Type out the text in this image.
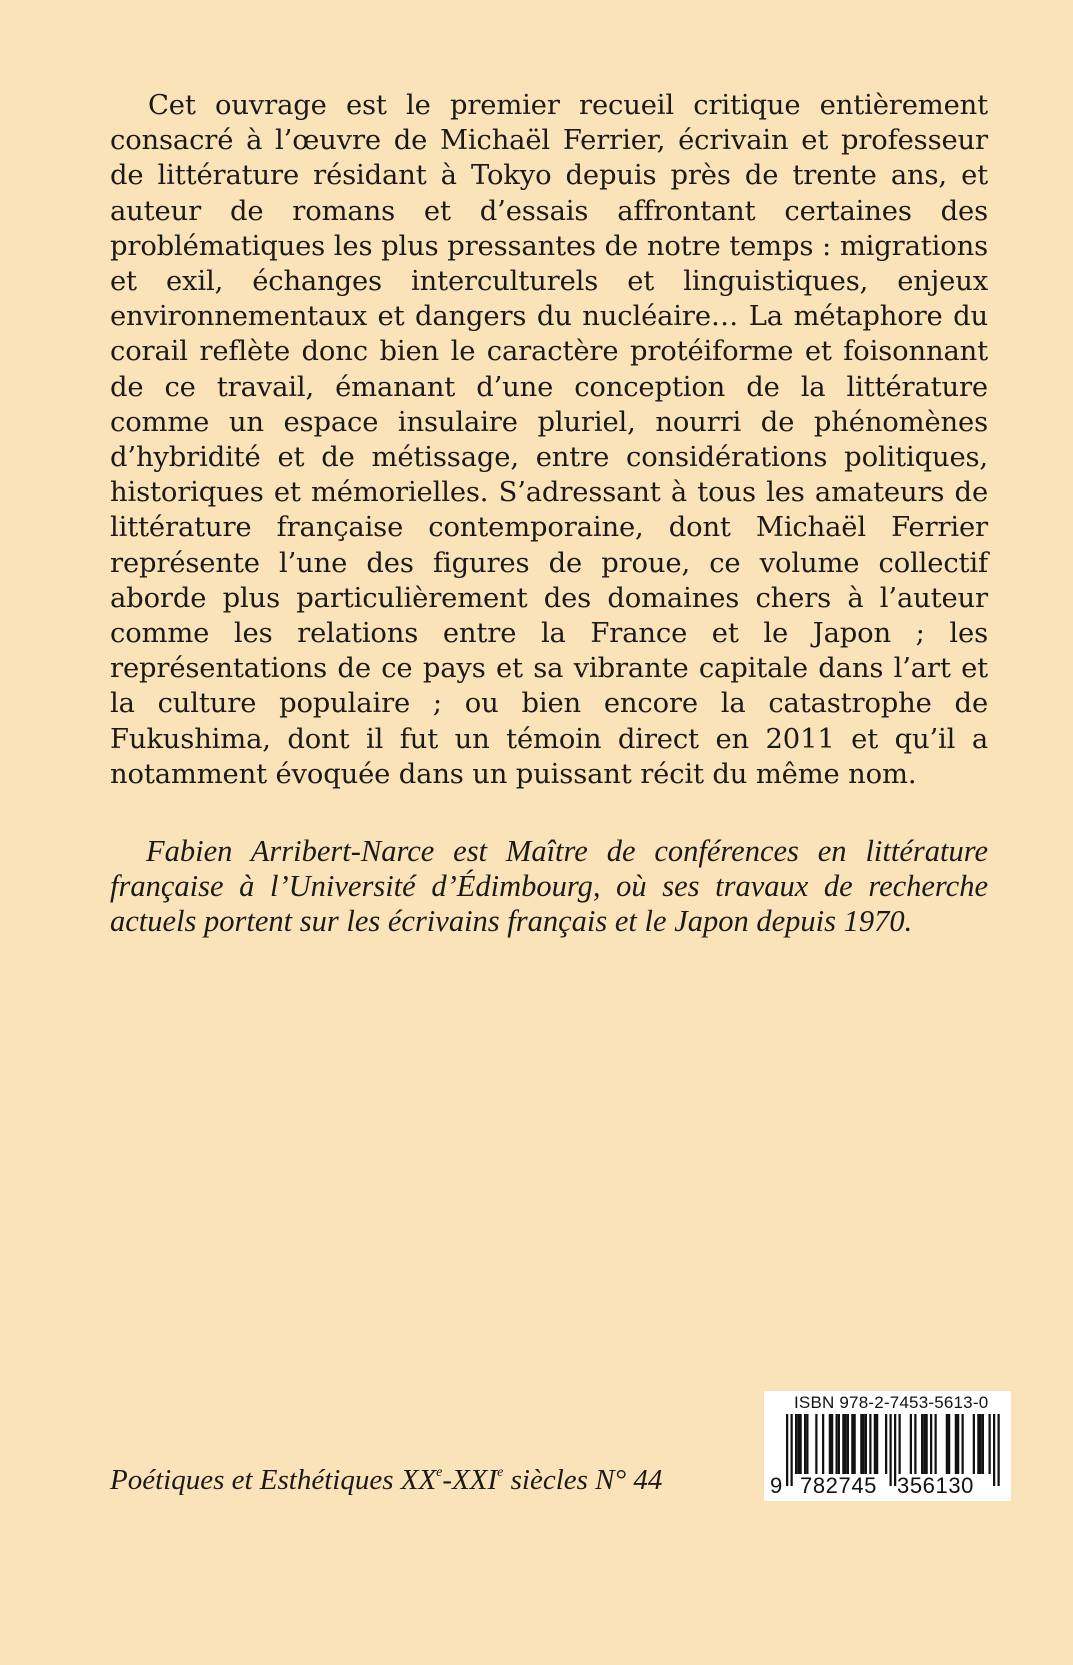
Cet ouvrage est le premier recueil critique entièrement consacré à l’œuvre de Michaël Ferrier, écrivain et professeur de littérature résidant à Tokyo depuis près de trente ans, et auteur de romans et d’essais affrontant certaines des problématiques les plus pressantes de notre temps : migrations et exil, échanges interculturels et linguistiques, enjeux environnementaux et dangers du nucléaire… La métaphore du corail reflète donc bien le caractère protéiforme et foisonnant de ce travail, émanant d’une conception de la littérature comme un espace insulaire pluriel, nourri de phénomènes d’hybridité et de métissage, entre considérations politiques, historiques et mémorielles. S’adressant à tous les amateurs de littérature française contemporaine, dont Michaël Ferrier représente l’une des figures de proue, ce volume collectif aborde plus particulièrement des domaines chers à l’auteur comme les relations entre la France et le Japon ; les représentations de ce pays et sa vibrante capitale dans l’art et la culture populaire ; ou bien encore la catastrophe de Fukushima, dont il fut un témoin direct en 2011 et qu’il a notamment évoquée dans un puissant récit du même nom.

Fabien Arribert-Narce est Maître de conférences en littérature française à l’Université d’Édimbourg, où ses travaux de recherche actuels portent sur les écrivains français et le Japon depuis 1970.

Poétiques et Esthétiques XXe-XXIe siècles N° 44
ISBN 978-2-7453-5613-0
9 782745 356130
